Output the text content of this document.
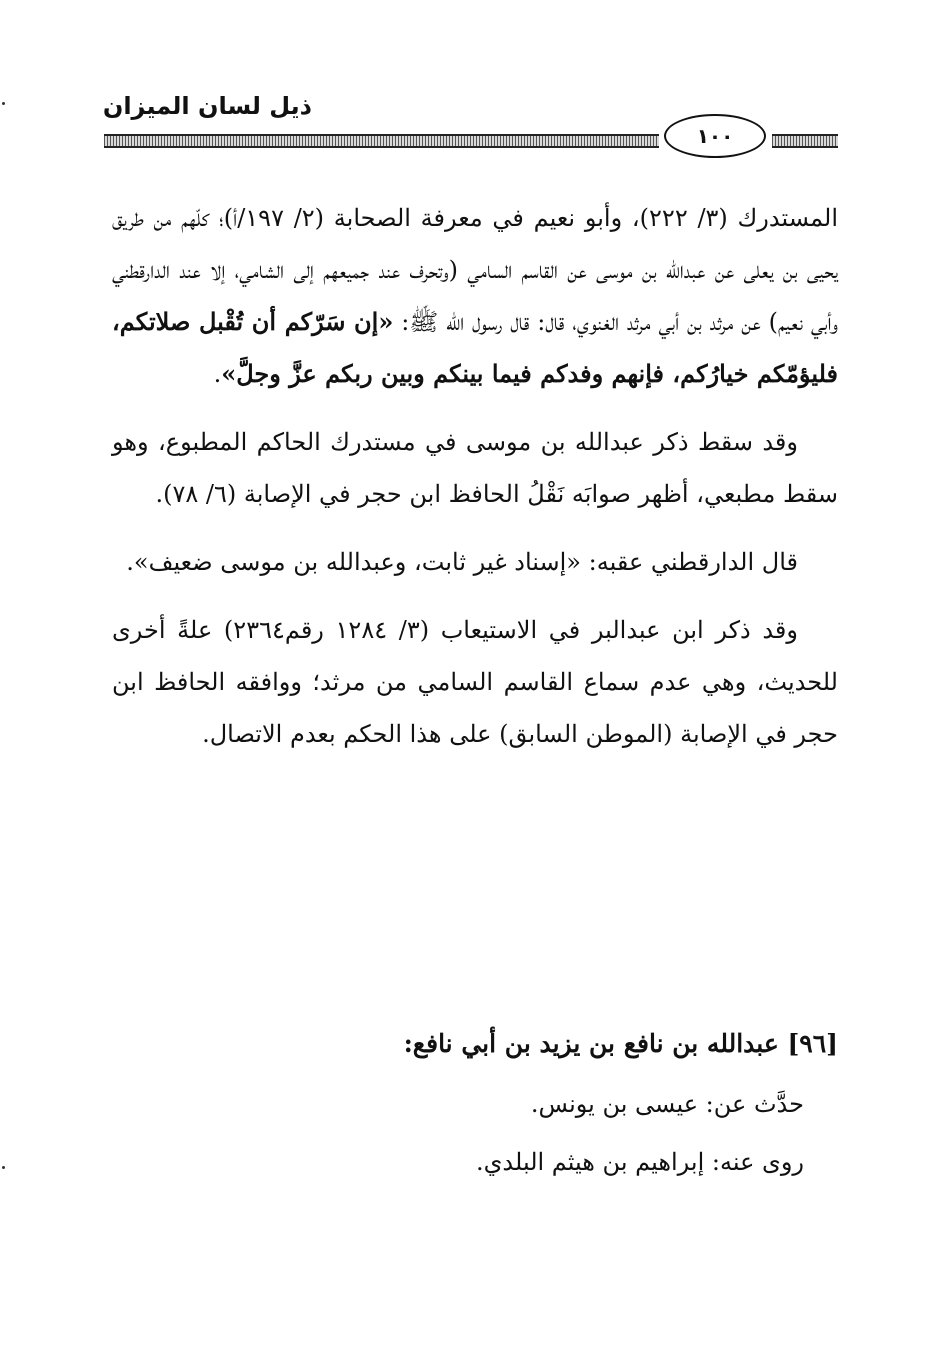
١٠٠
ذيل لسان الميزان

المستدرك (٣/ ٢٢٢)، وأبو نعيم في معرفة الصحابة (٢/ ١٩٧/أ)؛ كلّهم من طريق يحيى بن يعلى عن عبدالله بن موسى عن القاسم السامي (وتحرف عند جميعهم إلى الشامي، إلا عند الدارقطني وأبي نعيم) عن مرثد بن أبي مرثد الغنوي، قال: قال رسول الله ﷺ: «إن سَرّكم أن تُقْبل صلاتكم، فليؤمّكم خيارُكم، فإنهم وفدكم فيما بينكم وبين ربكم عزَّ وجلَّ».

وقد سقط ذكر عبدالله بن موسى في مستدرك الحاكم المطبوع، وهو سقط مطبعي، أظهر صوابَه نَقْلُ الحافظ ابن حجر في الإصابة (٦/ ٧٨).

قال الدارقطني عقبه: «إسناد غير ثابت، وعبدالله بن موسى ضعيف».

وقد ذكر ابن عبدالبر في الاستيعاب (٣/ ١٢٨٤ رقم٢٣٦٤) علةً أخرى للحديث، وهي عدم سماع القاسم السامي من مرثد؛ ووافقه الحافظ ابن حجر في الإصابة (الموطن السابق) على هذا الحكم بعدم الاتصال.

[٩٦] عبدالله بن نافع بن يزيد بن أبي نافع:

حدَّث عن: عيسى بن يونس.

روى عنه: إبراهيم بن هيثم البلدي.
